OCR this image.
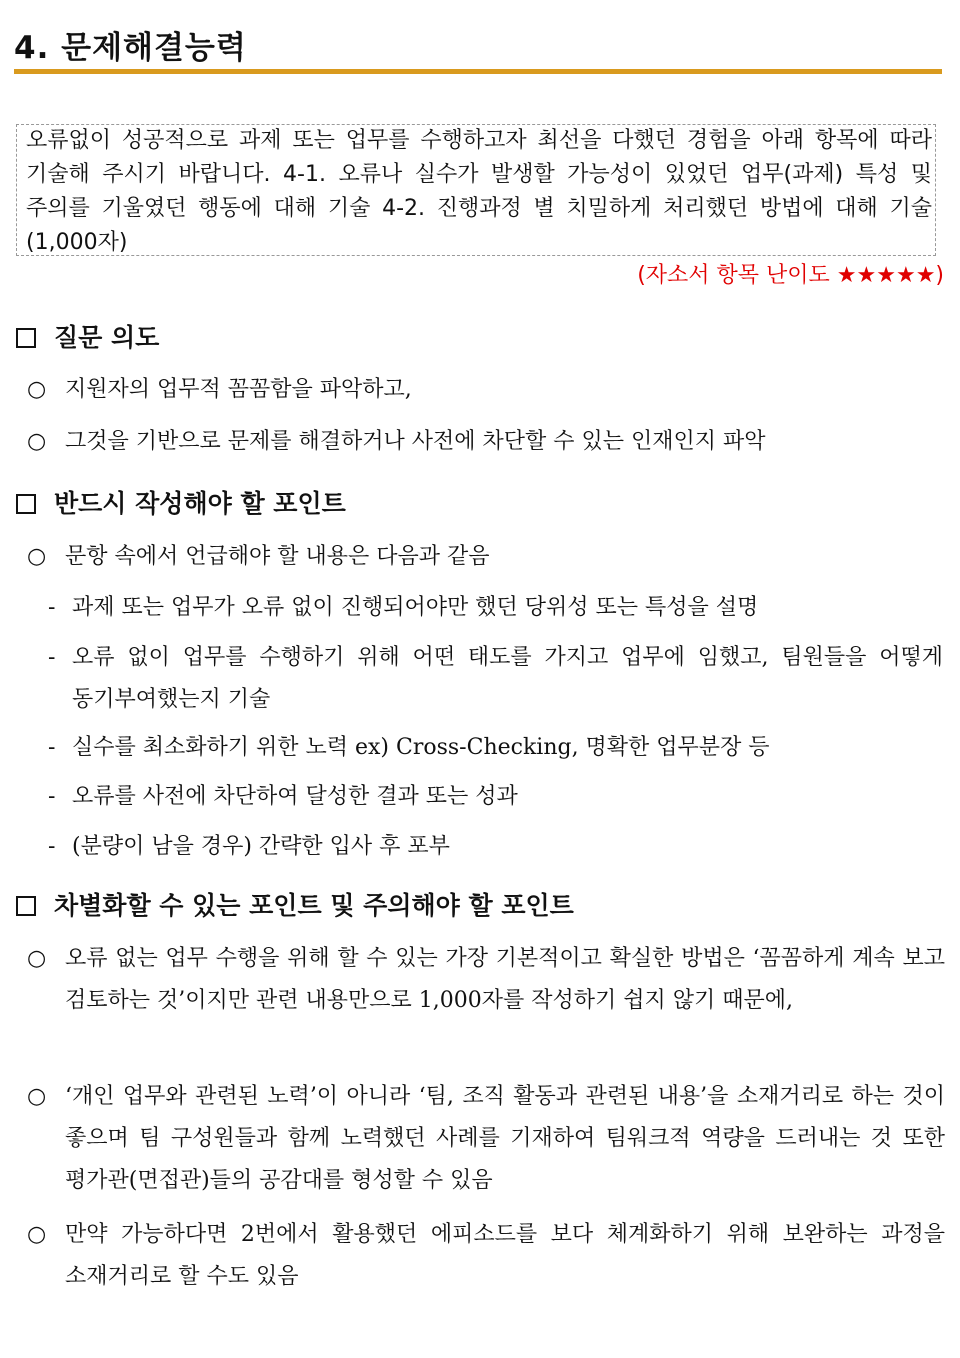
4. 문제해결능력
오류없이 성공적으로 과제 또는 업무를 수행하고자 최선을 다했던 경험을 아래 항목에 따라 기술해 주시기 바랍니다. 4-1. 오류나 실수가 발생할 가능성이 있었던 업무(과제) 특성 및 주의를 기울였던 행동에 대해 기술 4-2. 진행과정 별 치밀하게 처리했던 방법에 대해 기술 (1,000자)
(자소서 항목 난이도 ★★★★★)
질문 의도
○ 지원자의 업무적 꼼꼼함을 파악하고,
○ 그것을 기반으로 문제를 해결하거나 사전에 차단할 수 있는 인재인지 파악
반드시 작성해야 할 포인트
○ 문항 속에서 언급해야 할 내용은 다음과 같음
- 과제 또는 업무가 오류 없이 진행되어야만 했던 당위성 또는 특성을 설명
- 오류 없이 업무를 수행하기 위해 어떤 태도를 가지고 업무에 임했고, 팀원들을 어떻게 동기부여했는지 기술
- 실수를 최소화하기 위한 노력 ex) Cross-Checking, 명확한 업무분장 등
- 오류를 사전에 차단하여 달성한 결과 또는 성과
- (분량이 남을 경우) 간략한 입사 후 포부
차별화할 수 있는 포인트 및 주의해야 할 포인트
○ 오류 없는 업무 수행을 위해 할 수 있는 가장 기본적이고 확실한 방법은 ‘꼼꼼하게 계속 보고 검토하는 것’이지만 관련 내용만으로 1,000자를 작성하기 쉽지 않기 때문에,
○ ‘개인 업무와 관련된 노력’이 아니라 ‘팀, 조직 활동과 관련된 내용’을 소재거리로 하는 것이 좋으며 팀 구성원들과 함께 노력했던 사례를 기재하여 팀워크적 역량을 드러내는 것 또한 평가관(면접관)들의 공감대를 형성할 수 있음
○ 만약 가능하다면 2번에서 활용했던 에피소드를 보다 체계화하기 위해 보완하는 과정을 소재거리로 할 수도 있음
